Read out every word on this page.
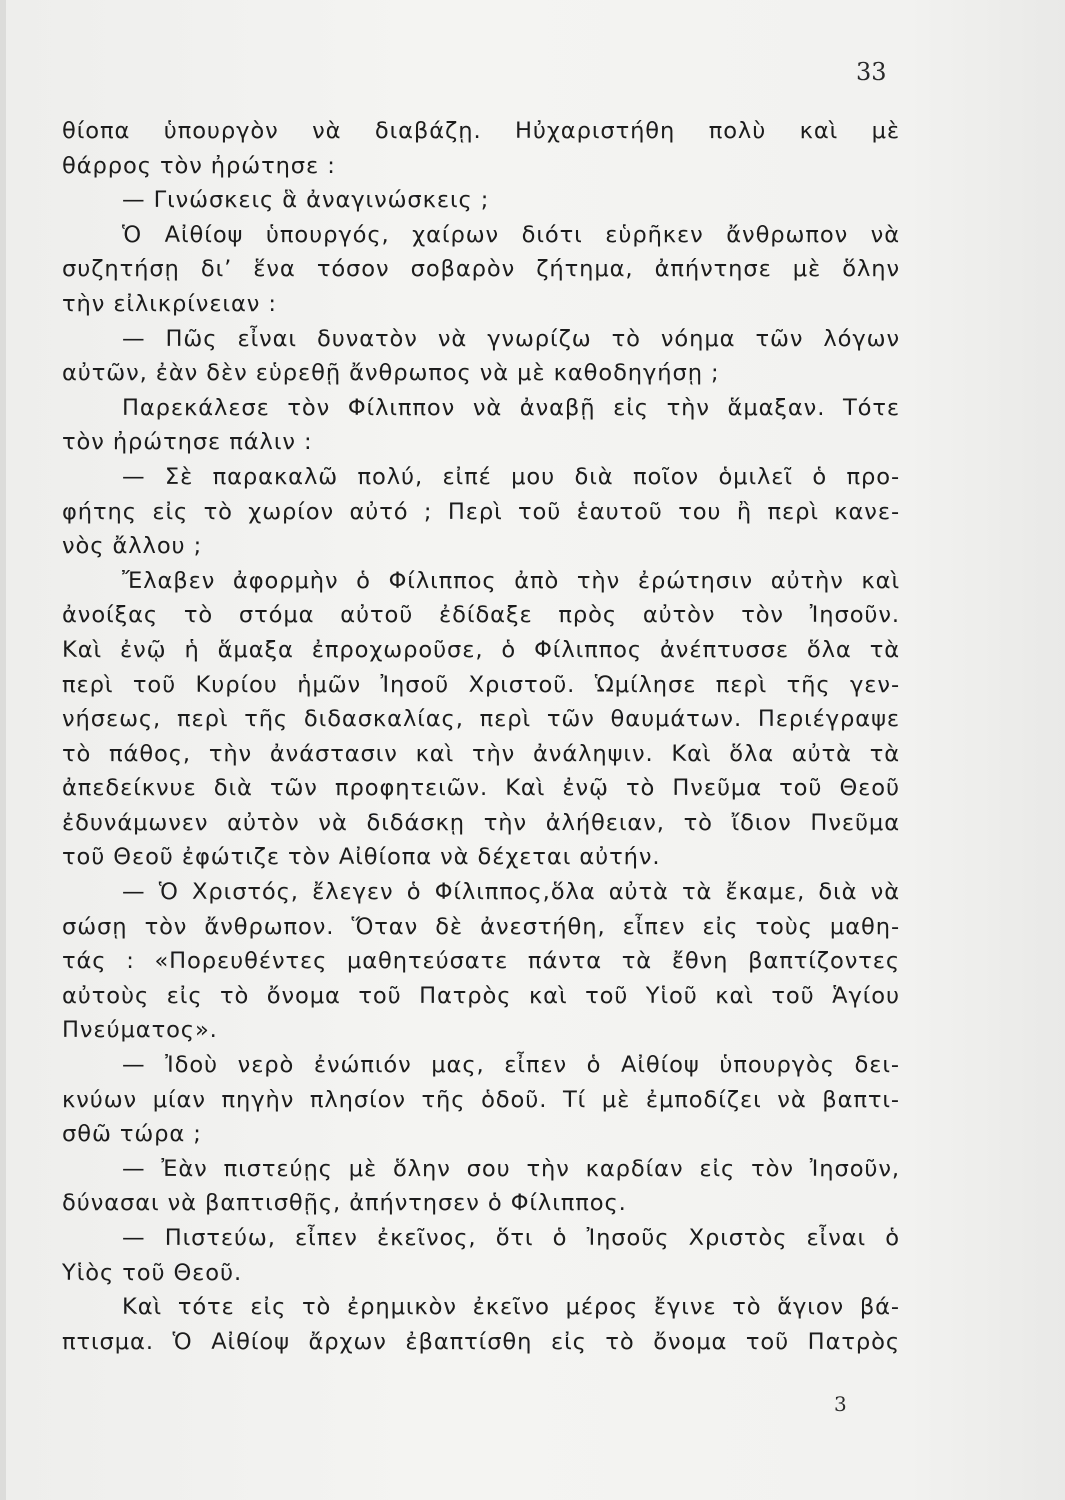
33
θίοπα ὑπουργὸν νὰ διαβάζῃ. Ηὐχαριστήθη πολὺ καὶ μὲ
θάρρος τὸν ἠρώτησε :
— Γινώσκεις ἃ ἀναγινώσκεις ;
Ὁ Αἰθίοψ ὑπουργός, χαίρων διότι εὑρῆκεν ἄνθρωπον νὰ
συζητήσῃ δι’ ἕνα τόσον σοβαρὸν ζήτημα, ἀπήντησε μὲ ὅλην
τὴν εἰλικρίνειαν :
— Πῶς εἶναι δυνατὸν νὰ γνωρίζω τὸ νόημα τῶν λόγων
αὐτῶν, ἐὰν δὲν εὑρεθῇ ἄνθρωπος νὰ μὲ καθοδηγήσῃ ;
Παρεκάλεσε τὸν Φίλιππον νὰ ἀναβῇ εἰς τὴν ἅμαξαν. Τότε
τὸν ἠρώτησε πάλιν :
— Σὲ παρακαλῶ πολύ, εἰπέ μου διὰ ποῖον ὁμιλεῖ ὁ προ-
φήτης εἰς τὸ χωρίον αὐτό ; Περὶ τοῦ ἑαυτοῦ του ἢ περὶ κανε-
νὸς ἄλλου ;
Ἔλαβεν ἀφορμὴν ὁ Φίλιππος ἀπὸ τὴν ἐρώτησιν αὐτὴν καὶ
ἀνοίξας τὸ στόμα αὐτοῦ ἐδίδαξε πρὸς αὐτὸν τὸν Ἰησοῦν.
Καὶ ἐνῷ ἡ ἅμαξα ἐπροχωροῦσε, ὁ Φίλιππος ἀνέπτυσσε ὅλα τὰ
περὶ τοῦ Κυρίου ἡμῶν Ἰησοῦ Χριστοῦ. Ὡμίλησε περὶ τῆς γεν-
νήσεως, περὶ τῆς διδασκαλίας, περὶ τῶν θαυμάτων. Περιέγραψε
τὸ πάθος, τὴν ἀνάστασιν καὶ τὴν ἀνάληψιν. Καὶ ὅλα αὐτὰ τὰ
ἀπεδείκνυε διὰ τῶν προφητειῶν. Καὶ ἐνῷ τὸ Πνεῦμα τοῦ Θεοῦ
ἐδυνάμωνεν αὐτὸν νὰ διδάσκῃ τὴν ἀλήθειαν, τὸ ἴδιον Πνεῦμα
τοῦ Θεοῦ ἐφώτιζε τὸν Αἰθίοπα νὰ δέχεται αὐτήν.
— Ὁ Χριστός, ἔλεγεν ὁ Φίλιππος,ὅλα αὐτὰ τὰ ἔκαμε, διὰ νὰ
σώσῃ τὸν ἄνθρωπον. Ὅταν δὲ ἀνεστήθη, εἶπεν εἰς τοὺς μαθη-
τάς : «Πορευθέντες μαθητεύσατε πάντα τὰ ἔθνη βαπτίζοντες
αὐτοὺς εἰς τὸ ὄνομα τοῦ Πατρὸς καὶ τοῦ Υἱοῦ καὶ τοῦ Ἁγίου
Πνεύματος».
— Ἰδοὺ νερὸ ἐνώπιόν μας, εἶπεν ὁ Αἰθίοψ ὑπουργὸς δει-
κνύων μίαν πηγὴν πλησίον τῆς ὁδοῦ. Τί μὲ ἐμποδίζει νὰ βαπτι-
σθῶ τώρα ;
— Ἐὰν πιστεύῃς μὲ ὅλην σου τὴν καρδίαν εἰς τὸν Ἰησοῦν,
δύνασαι νὰ βαπτισθῇς, ἀπήντησεν ὁ Φίλιππος.
— Πιστεύω, εἶπεν ἐκεῖνος, ὅτι ὁ Ἰησοῦς Χριστὸς εἶναι ὁ
Υἱὸς τοῦ Θεοῦ.
Καὶ τότε εἰς τὸ ἐρημικὸν ἐκεῖνο μέρος ἔγινε τὸ ἅγιον βά-
πτισμα. Ὁ Αἰθίοψ ἄρχων ἐβαπτίσθη εἰς τὸ ὄνομα τοῦ Πατρὸς
3
